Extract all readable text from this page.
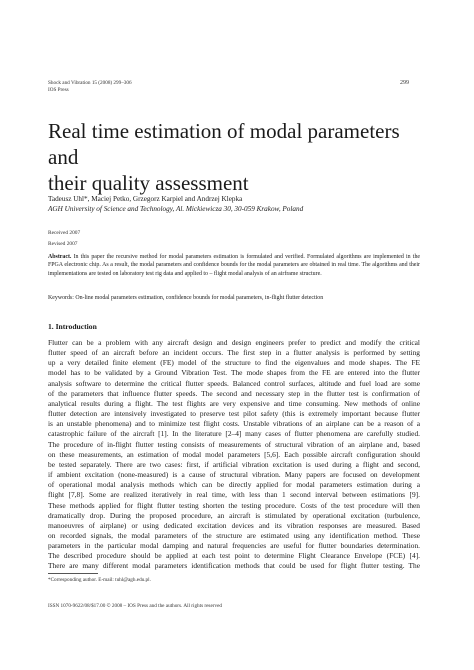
Shock and Vibration 15 (2008) 299–306
IOS Press
299
Real time estimation of modal parameters and
their quality assessment
Tadeusz Uhl*, Maciej Petko, Grzegorz Karpiel and Andrzej Klepka
AGH University of Science and Technology, Al. Mickiewicza 30, 30-059 Krakow, Poland
Received 2007
Revised 2007
Abstract. In this paper the recursive method for modal parameters estimation is formulated and verified. Formulated algorithms are implemented in the FPGA electronic chip. As a result, the modal parameters and confidence bounds for the modal parameters are obtained in real time. The algorithms and their implementations are tested on laboratory test rig data and applied to – flight modal analysis of an airframe structure.
Keywords: On-line modal parameters estimation, confidence bounds for modal parameters, in-flight flutter detection
1. Introduction
Flutter can be a problem with any aircraft design and design engineers prefer to predict and modify the critical
flutter speed of an aircraft before an incident occurs. The first step in a flutter analysis is performed by setting
up a very detailed finite element (FE) model of the structure to find the eigenvalues and mode shapes. The FE
model has to be validated by a Ground Vibration Test. The mode shapes from the FE are entered into the flutter
analysis software to determine the critical flutter speeds. Balanced control surfaces, altitude and fuel load are some
of the parameters that influence flutter speeds. The second and necessary step in the flutter test is confirmation of
analytical results during a flight. The test flights are very expensive and time consuming. New methods of online
flutter detection are intensively investigated to preserve test pilot safety (this is extremely important because flutter
is an unstable phenomena) and to minimize test flight costs. Unstable vibrations of an airplane can be a reason of a
catastrophic failure of the aircraft [1]. In the literature [2–4] many cases of flutter phenomena are carefully studied.
The procedure of in-flight flutter testing consists of measurements of structural vibration of an airplane and, based
on these measurements, an estimation of modal model parameters [5,6]. Each possible aircraft configuration should
be tested separately. There are two cases: first, if artificial vibration excitation is used during a flight and second,
if ambient excitation (none-measured) is a cause of structural vibration. Many papers are focused on development
of operational modal analysis methods which can be directly applied for modal parameters estimation during a
flight [7,8]. Some are realized iteratively in real time, with less than 1 second interval between estimations [9].
These methods applied for flight flutter testing shorten the testing procedure. Costs of the test procedure will then
dramatically drop. During the proposed procedure, an aircraft is stimulated by operational excitation (turbulence,
manoeuvres of airplane) or using dedicated excitation devices and its vibration responses are measured. Based
on recorded signals, the modal parameters of the structure are estimated using any identification method. These
parameters in the particular modal damping and natural frequencies are useful for flutter boundaries determination.
The described procedure should be applied at each test point to determine Flight Clearance Envelope (FCE) [4].
There are many different modal parameters identification methods that could be used for flight flutter testing. The
*Corresponding author. E-mail: tuhl@agh.edu.pl.
ISSN 1070-9622/08/$17.00 © 2008 – IOS Press and the authors. All rights reserved
